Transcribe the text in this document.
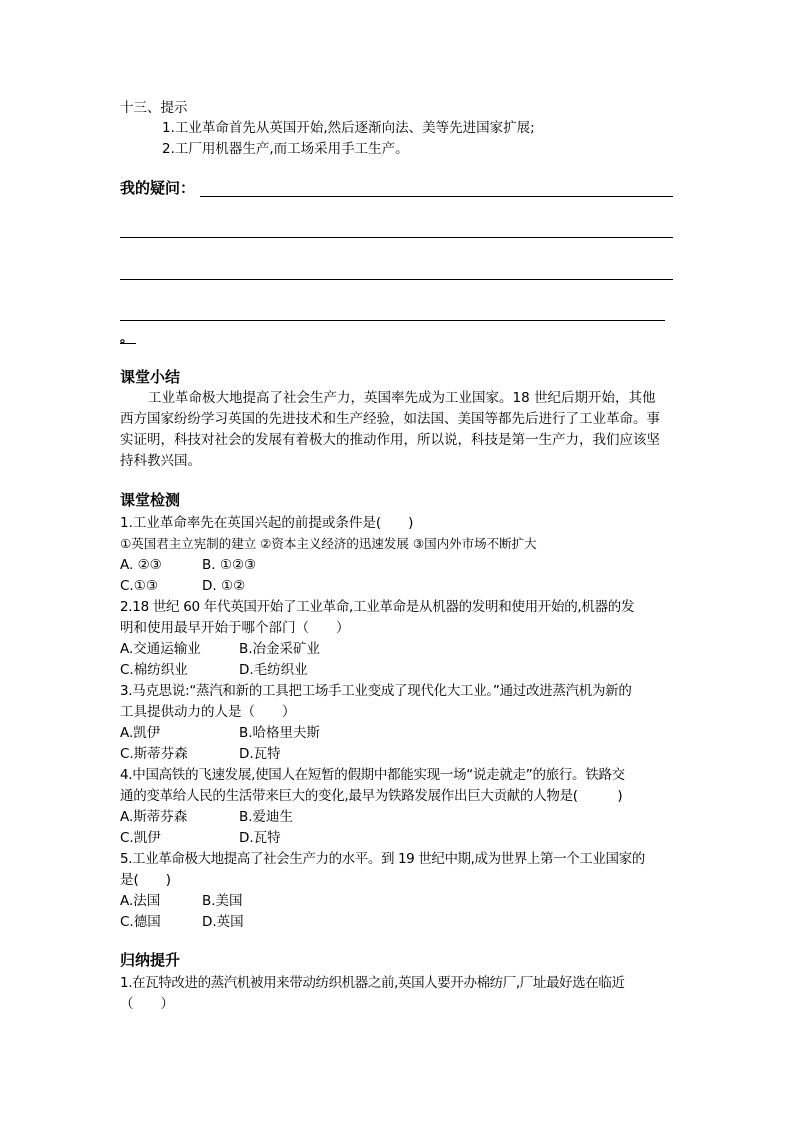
十三、提示
1.工业革命首先从英国开始,然后逐渐向法、美等先进国家扩展;
2.工厂用机器生产,而工场采用手工生产。
我的疑问：
。
课堂小结
工业革命极大地提高了社会生产力，英国率先成为工业国家。18 世纪后期开始，其他
西方国家纷纷学习英国的先进技术和生产经验，如法国、美国等都先后进行了工业革命。事
实证明，科技对社会的发展有着极大的推动作用，所以说，科技是第一生产力，我们应该坚
持科教兴国。
课堂检测
1.工业革命率先在英国兴起的前提或条件是(　　)
①英国君主立宪制的建立 ②资本主义经济的迅速发展 ③国内外市场不断扩大
A. ②③	B. ①②③
C.①③	D. ①②
2.18 世纪 60 年代英国开始了工业革命,工业革命是从机器的发明和使用开始的,机器的发
明和使用最早开始于哪个部门（　　）
A.交通运输业	B.冶金采矿业
C.棉纺织业	D.毛纺织业
3.马克思说:“蒸汽和新的工具把工场手工业变成了现代化大工业。”通过改进蒸汽机为新的
工具提供动力的人是（　　）
A.凯伊	B.哈格里夫斯
C.斯蒂芬森	D.瓦特
4.中国高铁的飞速发展,使国人在短暂的假期中都能实现一场“说走就走”的旅行。铁路交
通的变革给人民的生活带来巨大的变化,最早为铁路发展作出巨大贡献的人物是(　　　)
A.斯蒂芬森	B.爱迪生
C.凯伊	D.瓦特
5.工业革命极大地提高了社会生产力的水平。到 19 世纪中期,成为世界上第一个工业国家的
是(　　)
A.法国	B.美国
C.德国	D.英国
归纳提升
1.在瓦特改进的蒸汽机被用来带动纺织机器之前,英国人要开办棉纺厂,厂址最好选在临近
（　　）
